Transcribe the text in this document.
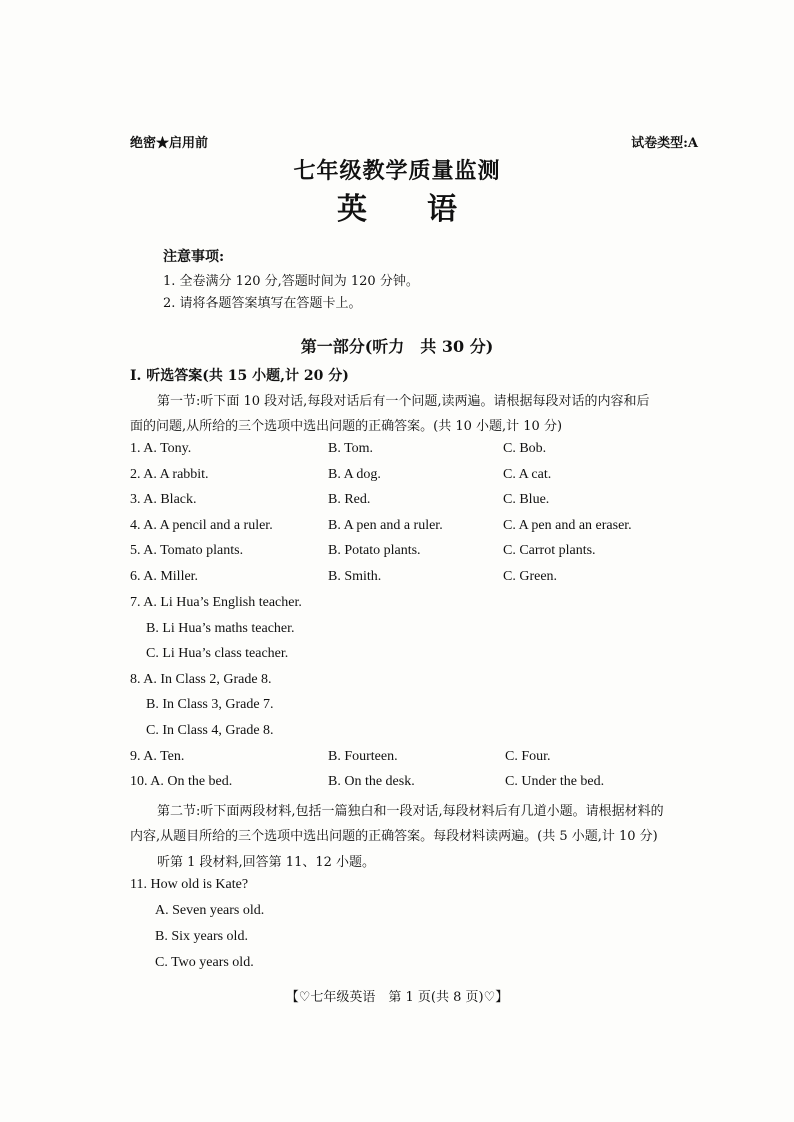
绝密★启用前	试卷类型:A
七年级教学质量监测
英　　语
注意事项:
1. 全卷满分 120 分,答题时间为 120 分钟。
2. 请将各题答案填写在答题卡上。
第一部分(听力　共 30 分)
Ⅰ. 听选答案(共 15 小题,计 20 分)
第一节:听下面 10 段对话,每段对话后有一个问题,读两遍。请根据每段对话的内容和后
面的问题,从所给的三个选项中选出问题的正确答案。(共 10 小题,计 10 分)
1. A. Tony.	B. Tom.	C. Bob.
2. A. A rabbit.	B. A dog.	C. A cat.
3. A. Black.	B. Red.	C. Blue.
4. A. A pencil and a ruler.	B. A pen and a ruler.	C. A pen and an eraser.
5. A. Tomato plants.	B. Potato plants.	C. Carrot plants.
6. A. Miller.	B. Smith.	C. Green.
7. A. Li Hua’s English teacher.
B. Li Hua’s maths teacher.
C. Li Hua’s class teacher.
8. A. In Class 2, Grade 8.
B. In Class 3, Grade 7.
C. In Class 4, Grade 8.
9. A. Ten.	B. Fourteen.	C. Four.
10. A. On the bed.	B. On the desk.	C. Under the bed.
第二节:听下面两段材料,包括一篇独白和一段对话,每段材料后有几道小题。请根据材料的
内容,从题目所给的三个选项中选出问题的正确答案。每段材料读两遍。(共 5 小题,计 10 分)
听第 1 段材料,回答第 11、12 小题。
11. How old is Kate?
A. Seven years old.
B. Six years old.
C. Two years old.
【♡七年级英语　第 1 页(共 8 页)♡】
